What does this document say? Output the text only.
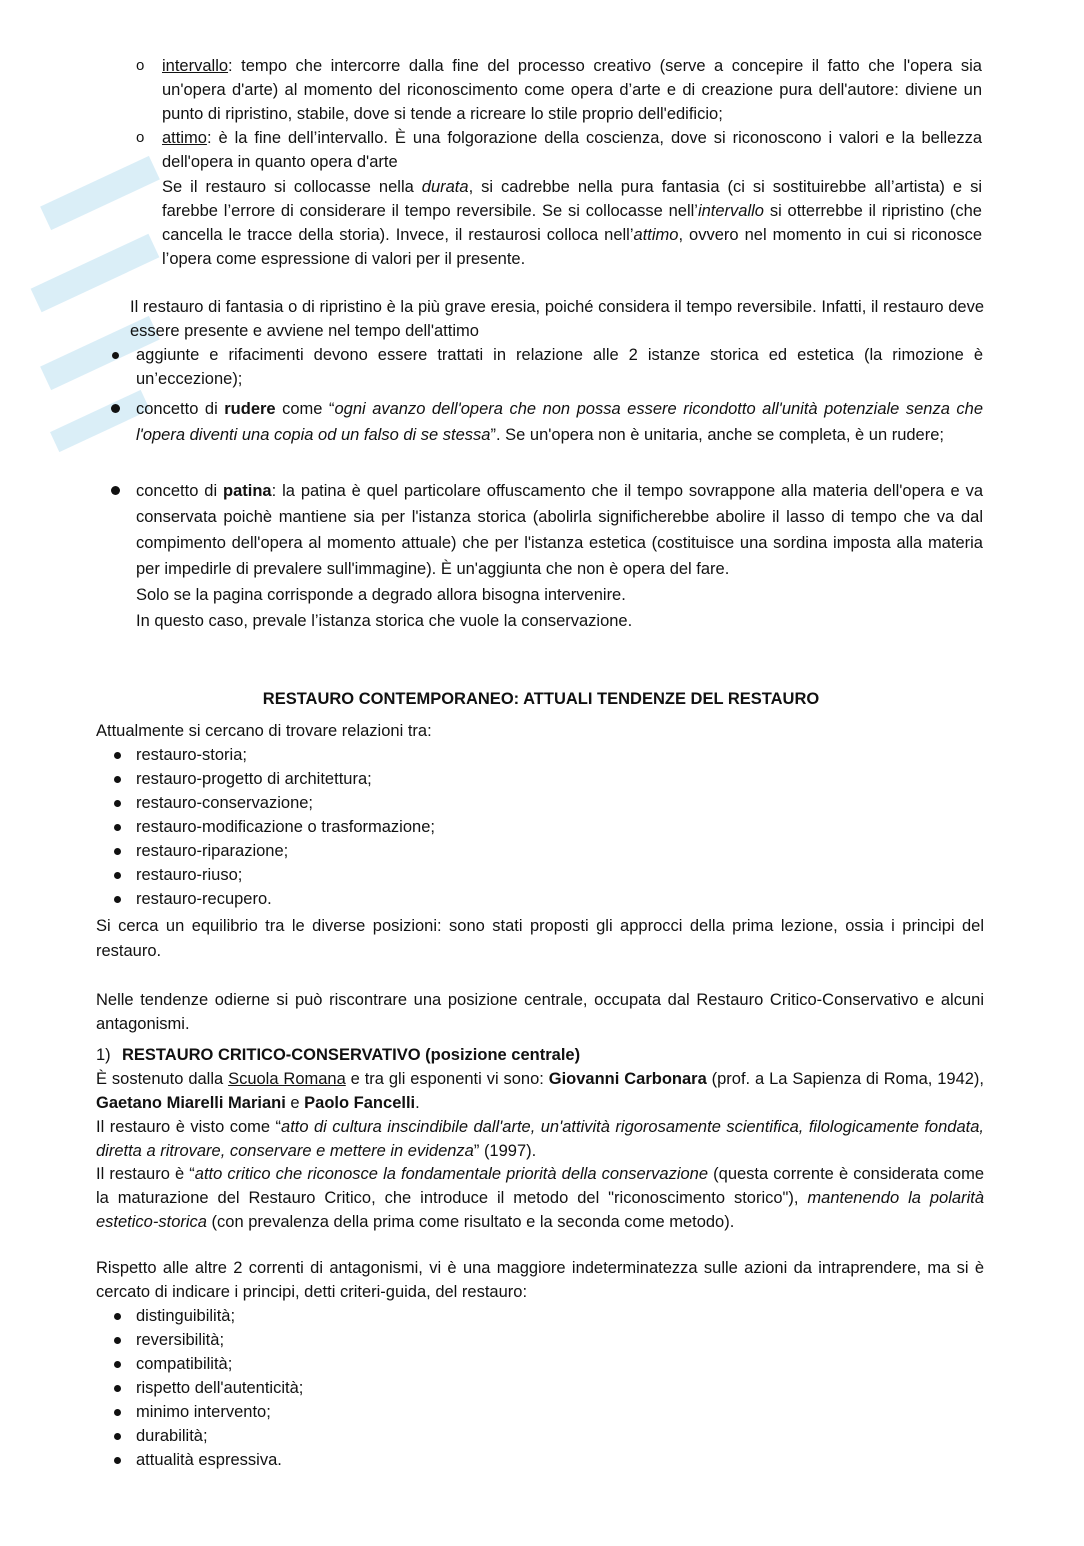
o intervallo: tempo che intercorre dalla fine del processo creativo (serve a concepire il fatto che l'opera sia un'opera d'arte) al momento del riconoscimento come opera d’arte e di creazione pura dell'autore: diviene un punto di ripristino, stabile, dove si tende a ricreare lo stile proprio dell'edificio;
o attimo: è la fine dell’intervallo. È una folgorazione della coscienza, dove si riconoscono i valori e la bellezza dell'opera in quanto opera d'arte
Se il restauro si collocasse nella durata, si cadrebbe nella pura fantasia (ci si sostituirebbe all’artista) e si farebbe l’errore di considerare il tempo reversibile. Se si collocasse nell’intervallo si otterrebbe il ripristino (che cancella le tracce della storia). Invece, il restaurosi colloca nell’attimo, ovvero nel momento in cui si riconosce l’opera come espressione di valori per il presente.
Il restauro di fantasia o di ripristino è la più grave eresia, poiché considera il tempo reversibile. Infatti, il restauro deve essere presente e avviene nel tempo dell'attimo
aggiunte e rifacimenti devono essere trattati in relazione alle 2 istanze storica ed estetica (la rimozione è un’eccezione);
concetto di rudere come “ogni avanzo dell'opera che non possa essere ricondotto all'unità potenziale senza che l'opera diventi una copia od un falso di se stessa”. Se un'opera non è unitaria, anche se completa, è un rudere;
concetto di patina: la patina è quel particolare offuscamento che il tempo sovrappone alla materia dell'opera e va conservata poichè mantiene sia per l'istanza storica (abolirla significherebbe abolire il lasso di tempo che va dal compimento dell'opera al momento attuale) che per l'istanza estetica (costituisce una sordina imposta alla materia per impedirle di prevalere sull'immagine). È un'aggiunta che non è opera del fare.
Solo se la pagina corrisponde a degrado allora bisogna intervenire.
In questo caso, prevale l’istanza storica che vuole la conservazione.
RESTAURO CONTEMPORANEO: ATTUALI TENDENZE DEL RESTAURO
Attualmente si cercano di trovare relazioni tra:
restauro-storia;
restauro-progetto di architettura;
restauro-conservazione;
restauro-modificazione o trasformazione;
restauro-riparazione;
restauro-riuso;
restauro-recupero.
Si cerca un equilibrio tra le diverse posizioni: sono stati proposti gli approcci della prima lezione, ossia i principi del restauro.
Nelle tendenze odierne si può riscontrare una posizione centrale, occupata dal Restauro Critico-Conservativo e alcuni antagonismi.
1) RESTAURO CRITICO-CONSERVATIVO (posizione centrale)
È sostenuto dalla Scuola Romana e tra gli esponenti vi sono: Giovanni Carbonara (prof. a La Sapienza di Roma, 1942), Gaetano Miarelli Mariani e Paolo Fancelli.
Il restauro è visto come “atto di cultura inscindibile dall'arte, un'attività rigorosamente scientifica, filologicamente fondata, diretta a ritrovare, conservare e mettere in evidenza” (1997).
Il restauro è “atto critico che riconosce la fondamentale priorità della conservazione (questa corrente è considerata come la maturazione del Restauro Critico, che introduce il metodo del "riconoscimento storico"), mantenendo la polarità estetico-storica (con prevalenza della prima come risultato e la seconda come metodo).
Rispetto alle altre 2 correnti di antagonismi, vi è una maggiore indeterminatezza sulle azioni da intraprendere, ma si è cercato di indicare i principi, detti criteri-guida, del restauro:
distinguibilità;
reversibilità;
compatibilità;
rispetto dell'autenticità;
minimo intervento;
durabilità;
attualità espressiva.
